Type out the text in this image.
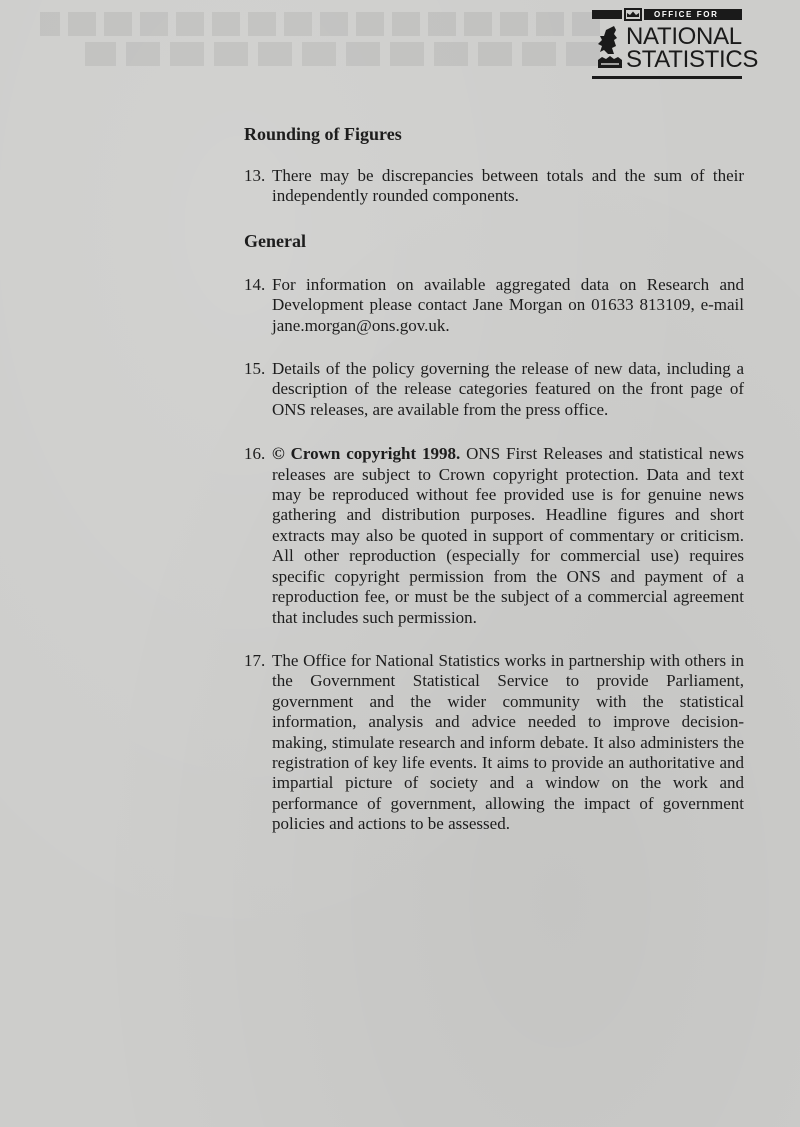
OFFICE FOR
NATIONAL
STATISTICS
Rounding of Figures

13. There may be discrepancies between totals and the sum of their independently rounded components.

General

14. For information on available aggregated data on Research and Development please contact Jane Morgan on 01633 813109, e-mail jane.morgan@ons.gov.uk.

15. Details of the policy governing the release of new data, including a description of the release categories featured on the front page of ONS releases, are available from the press office.

16. © Crown copyright 1998. ONS First Releases and statistical news releases are subject to Crown copyright protection. Data and text may be reproduced without fee provided use is for genuine news gathering and distribution purposes. Headline figures and short extracts may also be quoted in support of commentary or criticism. All other reproduction (especially for commercial use) requires specific copyright permission from the ONS and payment of a reproduction fee, or must be the subject of a commercial agreement that includes such permission.

17. The Office for National Statistics works in partnership with others in the Government Statistical Service to provide Parliament, government and the wider community with the statistical information, analysis and advice needed to improve decision-making, stimulate research and inform debate. It also administers the registration of key life events. It aims to provide an authoritative and impartial picture of society and a window on the work and performance of government, allowing the impact of government policies and actions to be assessed.
